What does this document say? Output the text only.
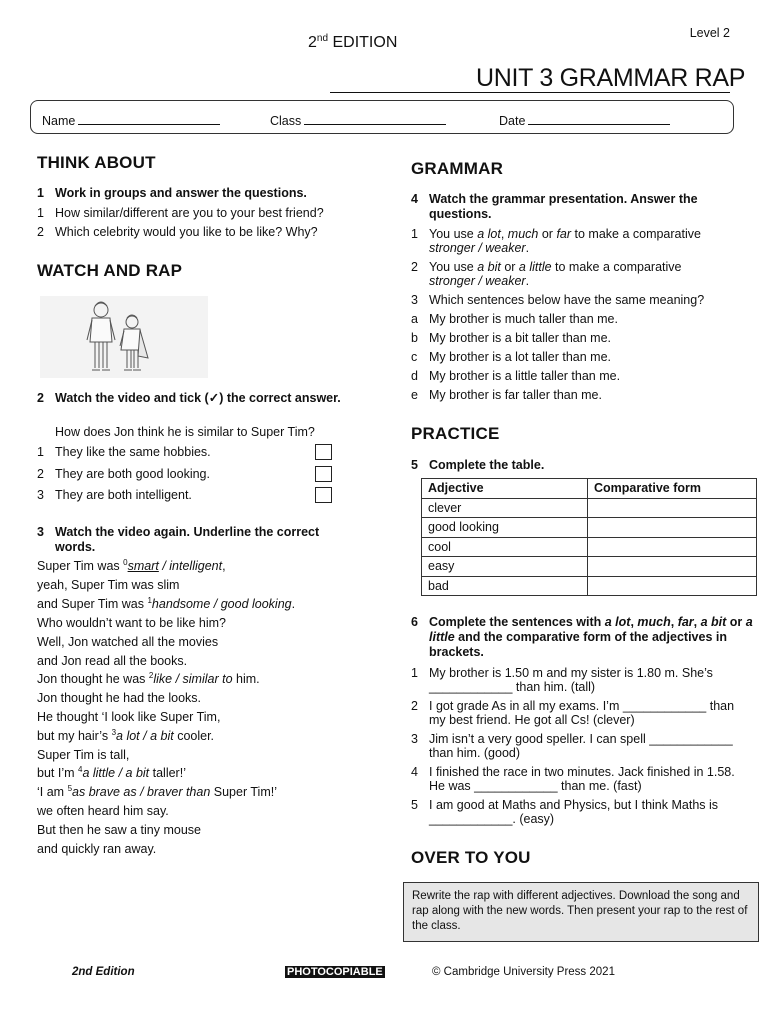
2nd EDITION
Level 2
UNIT 3 GRAMMAR RAP
Name	Class	Date
THINK ABOUT
1 Work in groups and answer the questions.
1 How similar/different are you to your best friend?
2 Which celebrity would you like to be like? Why?
WATCH AND RAP
2 Watch the video and tick (✓) the correct answer.
How does Jon think he is similar to Super Tim?
1 They like the same hobbies.
2 They are both good looking.
3 They are both intelligent.
3 Watch the video again. Underline the correct words.
Super Tim was $^0$smart / intelligent,
yeah, Super Tim was slim
and Super Tim was $^1$handsome / good looking.
Who wouldn’t want to be like him?
Well, Jon watched all the movies
and Jon read all the books.
Jon thought he was $^2$like / similar to him.
Jon thought he had the looks.
He thought ‘I look like Super Tim,
but my hair’s $^3$a lot / a bit cooler.
Super Tim is tall,
but I’m $^4$a little / a bit taller!’
‘I am $^5$as brave as / braver than Super Tim!’
we often heard him say.
But then he saw a tiny mouse
and quickly ran away.
GRAMMAR
4 Watch the grammar presentation. Answer the questions.
1 You use a lot, much or far to make a comparative
stronger / weaker.
2 You use a bit or a little to make a comparative
stronger / weaker.
3 Which sentences below have the same meaning?
a My brother is much taller than me.
b My brother is a bit taller than me.
c My brother is a lot taller than me.
d My brother is a little taller than me.
e My brother is far taller than me.
PRACTICE
5 Complete the table.
Adjective	Comparative form
clever	
good looking	
cool	
easy	
bad	
6 Complete the sentences with a lot, much, far, a bit or a little and the comparative form of the adjectives in brackets.
1 My brother is 1.50 m and my sister is 1.80 m. She’s
____________ than him. (tall)
2 I got grade As in all my exams. I’m ____________ than
my best friend. He got all Cs! (clever)
3 Jim isn’t a very good speller. I can spell ____________
than him. (good)
4 I finished the race in two minutes. Jack finished in 1.58.
He was ____________ than me. (fast)
5 I am good at Maths and Physics, but I think Maths is
____________. (easy)
OVER TO YOU
Rewrite the rap with different adjectives. Download the song and rap along with the new words. Then present your rap to the rest of the class.
2nd Edition	PHOTOCOPIABLE	© Cambridge University Press 2021
